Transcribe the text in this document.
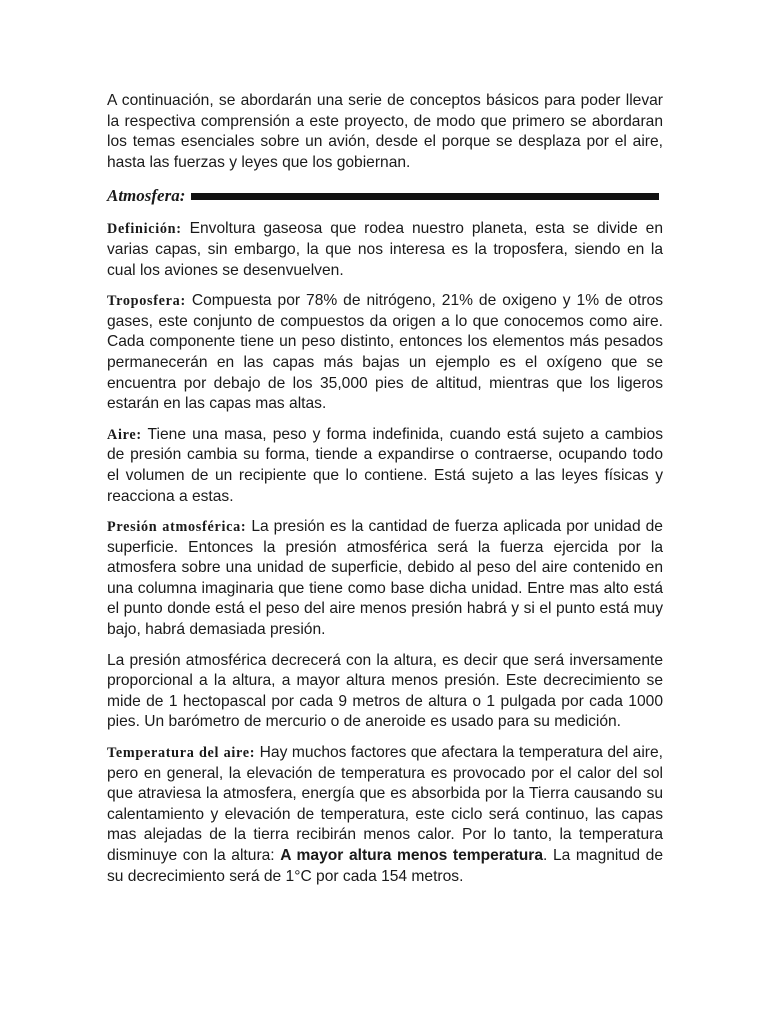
A continuación, se abordarán una serie de conceptos básicos para poder llevar la respectiva comprensión a este proyecto, de modo que primero se abordaran los temas esenciales sobre un avión, desde el porque se desplaza por el aire, hasta las fuerzas y leyes que los gobiernan.

Atmosfera:

Definición: Envoltura gaseosa que rodea nuestro planeta, esta se divide en varias capas, sin embargo, la que nos interesa es la troposfera, siendo en la cual los aviones se desenvuelven.

Troposfera: Compuesta por 78% de nitrógeno, 21% de oxigeno y 1% de otros gases, este conjunto de compuestos da origen a lo que conocemos como aire. Cada componente tiene un peso distinto, entonces los elementos más pesados permanecerán en las capas más bajas un ejemplo es el oxígeno que se encuentra por debajo de los 35,000 pies de altitud, mientras que los ligeros estarán en las capas mas altas.

Aire: Tiene una masa, peso y forma indefinida, cuando está sujeto a cambios de presión cambia su forma, tiende a expandirse o contraerse, ocupando todo el volumen de un recipiente que lo contiene. Está sujeto a las leyes físicas y reacciona a estas.

Presión atmosférica: La presión es la cantidad de fuerza aplicada por unidad de superficie. Entonces la presión atmosférica será la fuerza ejercida por la atmosfera sobre una unidad de superficie, debido al peso del aire contenido en una columna imaginaria que tiene como base dicha unidad. Entre mas alto está el punto donde está el peso del aire menos presión habrá y si el punto está muy bajo, habrá demasiada presión.

La presión atmosférica decrecerá con la altura, es decir que será inversamente proporcional a la altura, a mayor altura menos presión. Este decrecimiento se mide de 1 hectopascal por cada 9 metros de altura o 1 pulgada por cada 1000 pies. Un barómetro de mercurio o de aneroide es usado para su medición.

Temperatura del aire: Hay muchos factores que afectara la temperatura del aire, pero en general, la elevación de temperatura es provocado por el calor del sol que atraviesa la atmosfera, energía que es absorbida por la Tierra causando su calentamiento y elevación de temperatura, este ciclo será continuo, las capas mas alejadas de la tierra recibirán menos calor. Por lo tanto, la temperatura disminuye con la altura: A mayor altura menos temperatura. La magnitud de su decrecimiento será de 1°C por cada 154 metros.
